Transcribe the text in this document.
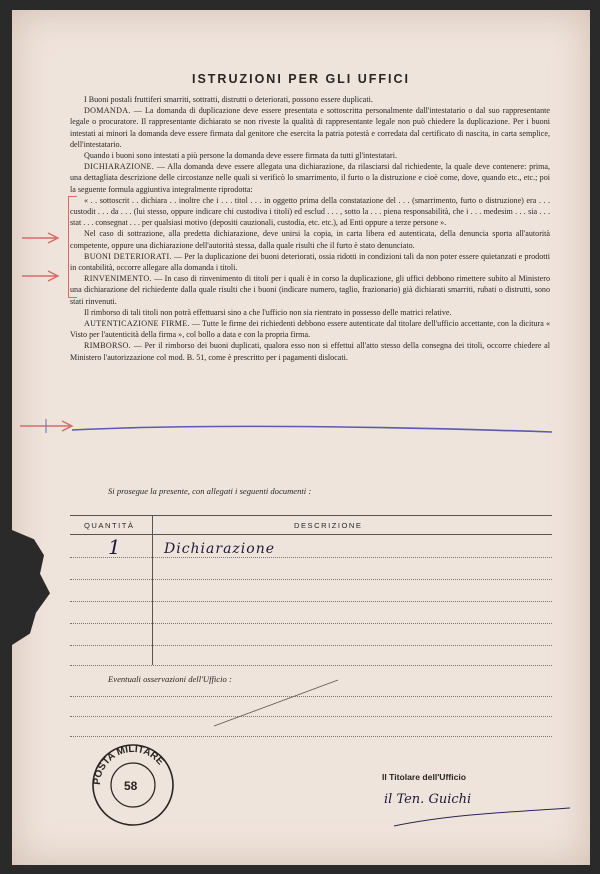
ISTRUZIONI PER GLI UFFICI

I Buoni postali fruttiferi smarriti, sottratti, distrutti o deteriorati, possono essere duplicati.

DOMANDA. — La domanda di duplicazione deve essere presentata e sottoscritta personalmente dall'intestatario o dal suo rappresentante legale o procuratore. Il rappresentante dichiarato se non riveste la qualità di rappresentante legale non può chiedere la duplicazione. Per i buoni intestati ai minori la domanda deve essere firmata dal genitore che esercita la patria potestà e corredata dal certificato di nascita, in carta semplice, dell'intestatario.

Quando i buoni sono intestati a più persone la domanda deve essere firmata da tutti gl'intestatari.

DICHIARAZIONE. — Alla domanda deve essere allegata una dichiarazione, da rilasciarsi dal richiedente, la quale deve contenere: prima, una dettagliata descrizione delle circostanze nelle quali si verificò lo smarrimento, il furto o la distruzione e cioè come, dove, quando etc., etc.; poi la seguente formula aggiuntiva integralmente riprodotta:

« . . sottoscrit . . dichiara . . inoltre che i . . . titol . . . in oggetto prima della constatazione del . . . (smarrimento, furto o distruzione) era . . . custodit . . . da . . . (lui stesso, oppure indicare chi custodiva i titoli) ed esclud . . . , sotto la . . . piena responsabilità, che i . . . medesim . . . sia . . . stat . . . consegnat . . . per qualsiasi motivo (depositi cauzionali, custodia, etc. etc.), ad Enti oppure a terze persone ».

Nel caso di sottrazione, alla predetta dichiarazione, deve unirsi la copia, in carta libera ed autenticata, della denuncia sporta all'autorità competente, oppure una dichiarazione dell'autorità stessa, dalla quale risulti che il furto è stato denunciato.

BUONI DETERIORATI. — Per la duplicazione dei buoni deteriorati, ossia ridotti in condizioni tali da non poter essere quietanzati e prodotti in contabilità, occorre allegare alla domanda i titoli.

RINVENIMENTO. — In caso di rinvenimento di titoli per i quali è in corso la duplicazione, gli uffici debbono rimettere subito al Ministero una dichiarazione del richiedente dalla quale risulti che i buoni (indicare numero, taglio, frazionario) già dichiarati smarriti, rubati o distrutti, sono stati rinvenuti.

Il rimborso di tali titoli non potrà effettuarsi sino a che l'ufficio non sia rientrato in possesso delle matrici relative.

AUTENTICAZIONE FIRME. — Tutte le firme dei richiedenti debbono essere autenticate dal titolare dell'ufficio accettante, con la dicitura « Visto per l'autenticità della firma », col bollo a data e con la propria firma.

RIMBORSO. — Per il rimborso dei buoni duplicati, qualora esso non si effettui all'atto stesso della consegna dei titoli, occorre chiedere al Ministero l'autorizzazione col mod. B. 51, come è prescritto per i pagamenti dislocati.

Si prosegue la presente, con allegati i seguenti documenti :
QUANTITÀ	DESCRIZIONE
1	Dichiarazione
Eventuali osservazioni dell'Ufficio :
POSTA MILITARE
58
Il Titolare dell'Ufficio
il Ten. Guichi
